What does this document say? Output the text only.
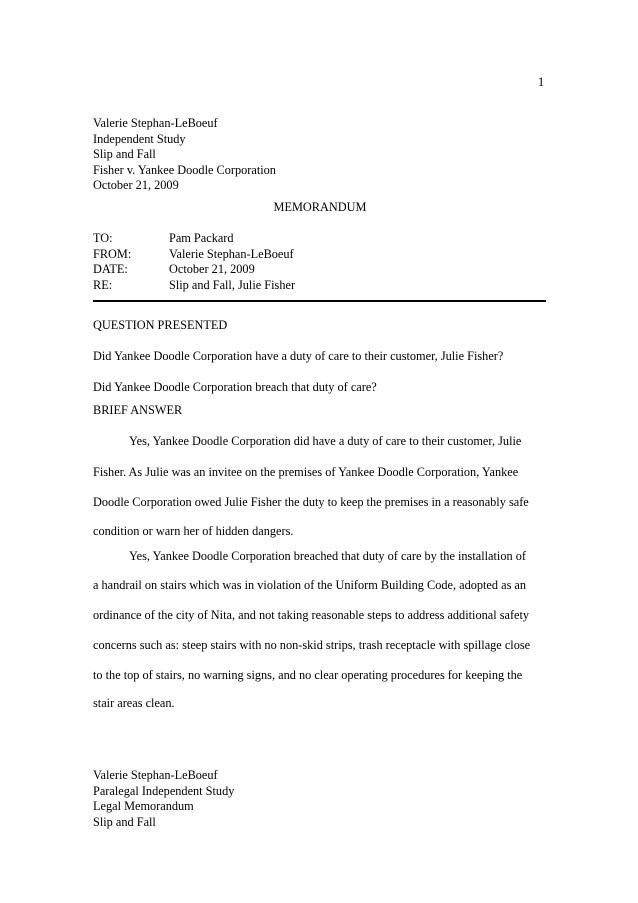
1
Valerie Stephan-LeBoeuf
Independent Study
Slip and Fall
Fisher v. Yankee Doodle Corporation
October 21, 2009
MEMORANDUM
TO:	Pam Packard
FROM:	Valerie Stephan-LeBoeuf
DATE:	October 21, 2009
RE:	Slip and Fall, Julie Fisher
QUESTION PRESENTED
Did Yankee Doodle Corporation have a duty of care to their customer, Julie Fisher?
Did Yankee Doodle Corporation breach that duty of care?
BRIEF ANSWER
Yes, Yankee Doodle Corporation did have a duty of care to their customer, Julie
Fisher. As Julie was an invitee on the premises of Yankee Doodle Corporation, Yankee
Doodle Corporation owed Julie Fisher the duty to keep the premises in a reasonably safe
condition or warn her of hidden dangers.
Yes, Yankee Doodle Corporation breached that duty of care by the installation of
a handrail on stairs which was in violation of the Uniform Building Code, adopted as an
ordinance of the city of Nita, and not taking reasonable steps to address additional safety
concerns such as: steep stairs with no non-skid strips, trash receptacle with spillage close
to the top of stairs, no warning signs, and no clear operating procedures for keeping the
stair areas clean.
Valerie Stephan-LeBoeuf
Paralegal Independent Study
Legal Memorandum
Slip and Fall
